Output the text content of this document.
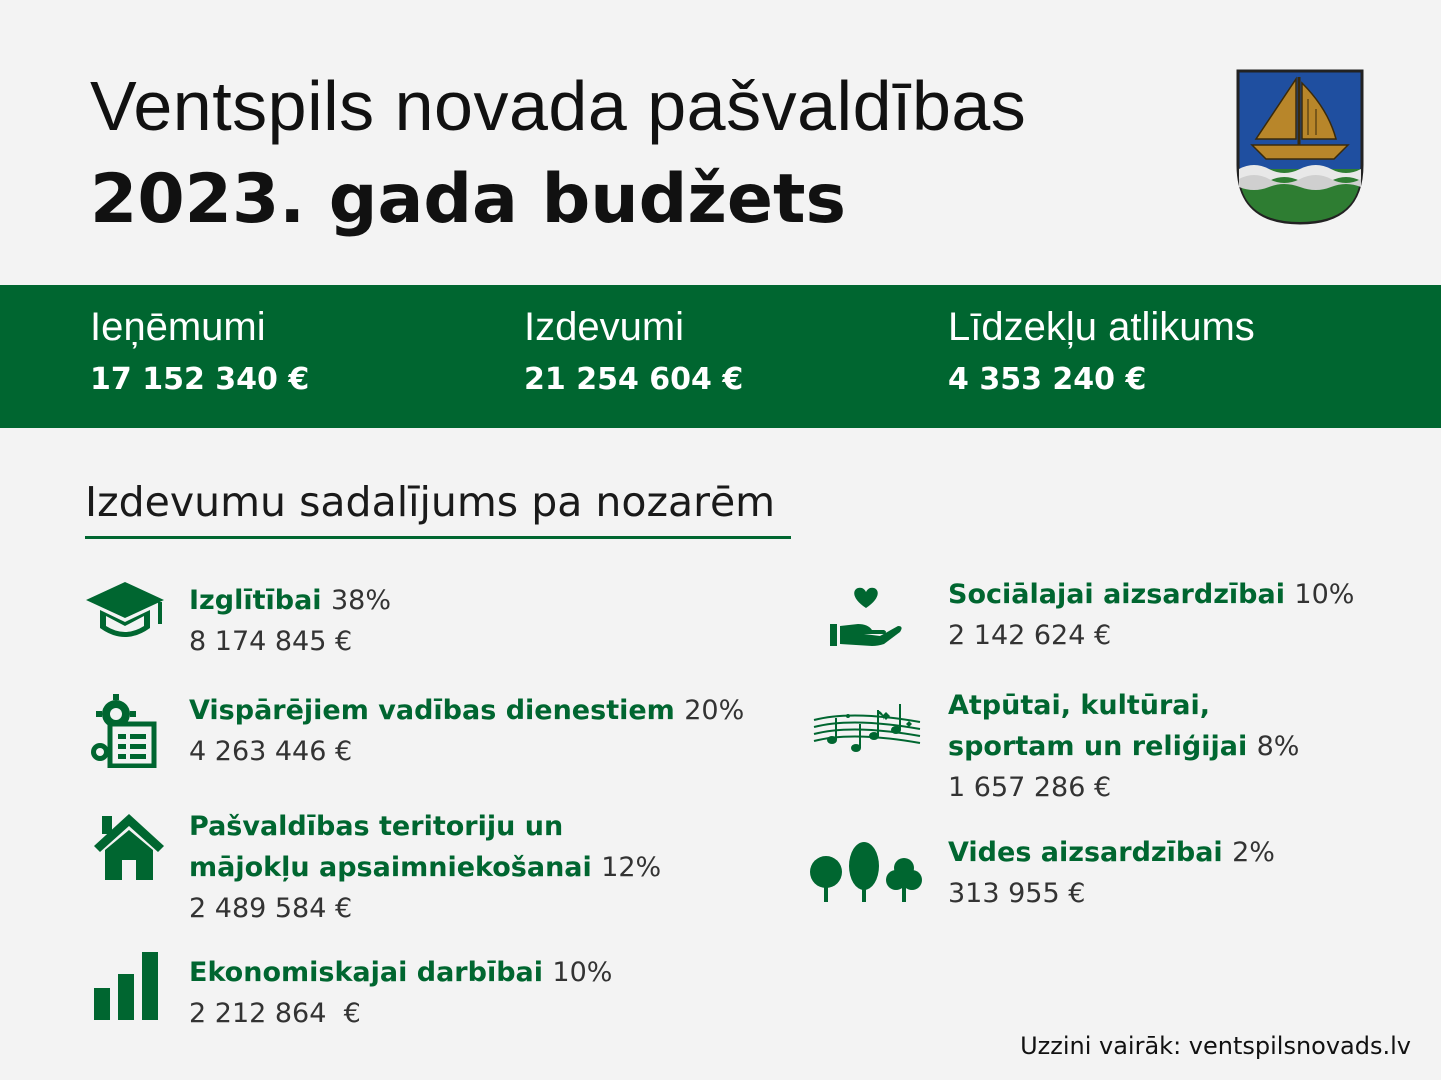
Ventspils novada pašvaldības
2023. gada budžets
Ieņēmumi
17 152 340 €
Izdevumi
21 254 604 €
Līdzekļu atlikums
4 353 240 €
Izdevumu sadalījums pa nozarēm
Izglītībai 38%
8 174 845 €
Vispārējiem vadības dienestiem 20%
4 263 446 €
Pašvaldības teritoriju un
mājokļu apsaimniekošanai 12%
2 489 584 €
Ekonomiskajai darbībai 10%
2 212 864  €
Sociālajai aizsardzībai 10%
2 142 624 €
Atpūtai, kultūrai,
sportam un reliģijai 8%
1 657 286 €
Vides aizsardzībai 2%
313 955 €
Uzzini vairāk: ventspilsnovads.lv
